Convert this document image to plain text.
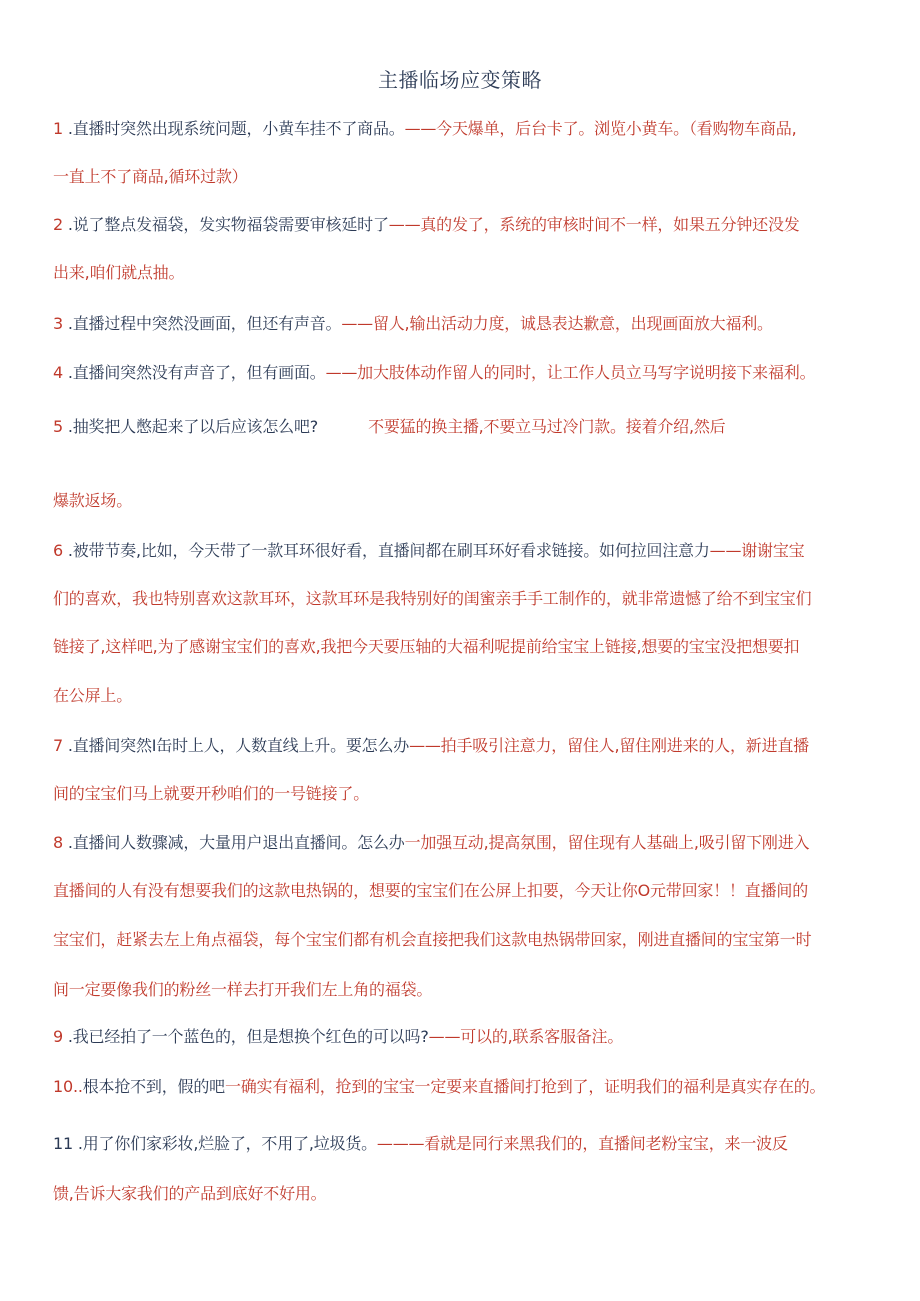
主播临场应变策略
1 .直播时突然出现系统问题，小黄车挂不了商品。——今天爆单，后台卡了。浏览小黄车。（看购物车商品,
一直上不了商品,循环过款）
2 .说了整点发福袋，发实物福袋需要审核延时了——真的发了，系统的审核时间不一样，如果五分钟还没发
出来,咱们就点抽。
3 .直播过程中突然没画面，但还有声音。——留人,输出活动力度，诚恳表达歉意，出现画面放大福利。
4 .直播间突然没有声音了，但有画面。——加大肢体动作留人的同时，让工作人员立马写字说明接下来福利。
5 .抽奖把人憋起来了以后应该怎么吧?	不要猛的换主播,不要立马过冷门款。接着介绍,然后
爆款返场。
6 .被带节奏,比如，今天带了一款耳环很好看，直播间都在刷耳环好看求链接。如何拉回注意力——谢谢宝宝
们的喜欢，我也特别喜欢这款耳环，这款耳环是我特别好的闺蜜亲手手工制作的，就非常遗憾了给不到宝宝们
链接了,这样吧,为了感谢宝宝们的喜欢,我把今天要压轴的大福利呢提前给宝宝上链接,想要的宝宝没把想要扣
在公屏上。
7 .直播间突然I缶时上人，人数直线上升。要怎么办——拍手吸引注意力，留住人,留住刚进来的人，新进直播
间的宝宝们马上就要开秒咱们的一号链接了。
8 .直播间人数骤减，大量用户退出直播间。怎么办一加强互动,提高氛围，留住现有人基础上,吸引留下刚进入
直播间的人有没有想要我们的这款电热锅的，想要的宝宝们在公屏上扣要，今天让你O元带回家！！直播间的
宝宝们，赶紧去左上角点福袋，每个宝宝们都有机会直接把我们这款电热锅带回家，刚进直播间的宝宝第一时
间一定要像我们的粉丝一样去打开我们左上角的福袋。
9 .我已经拍了一个蓝色的，但是想换个红色的可以吗?——可以的,联系客服备注。
10..根本抢不到，假的吧一确实有福利，抢到的宝宝一定要来直播间打抢到了，证明我们的福利是真实存在的。
11 .用了你们家彩妆,烂脸了，不用了,垃圾货。———看就是同行来黑我们的，直播间老粉宝宝，来一波反
馈,告诉大家我们的产品到底好不好用。
